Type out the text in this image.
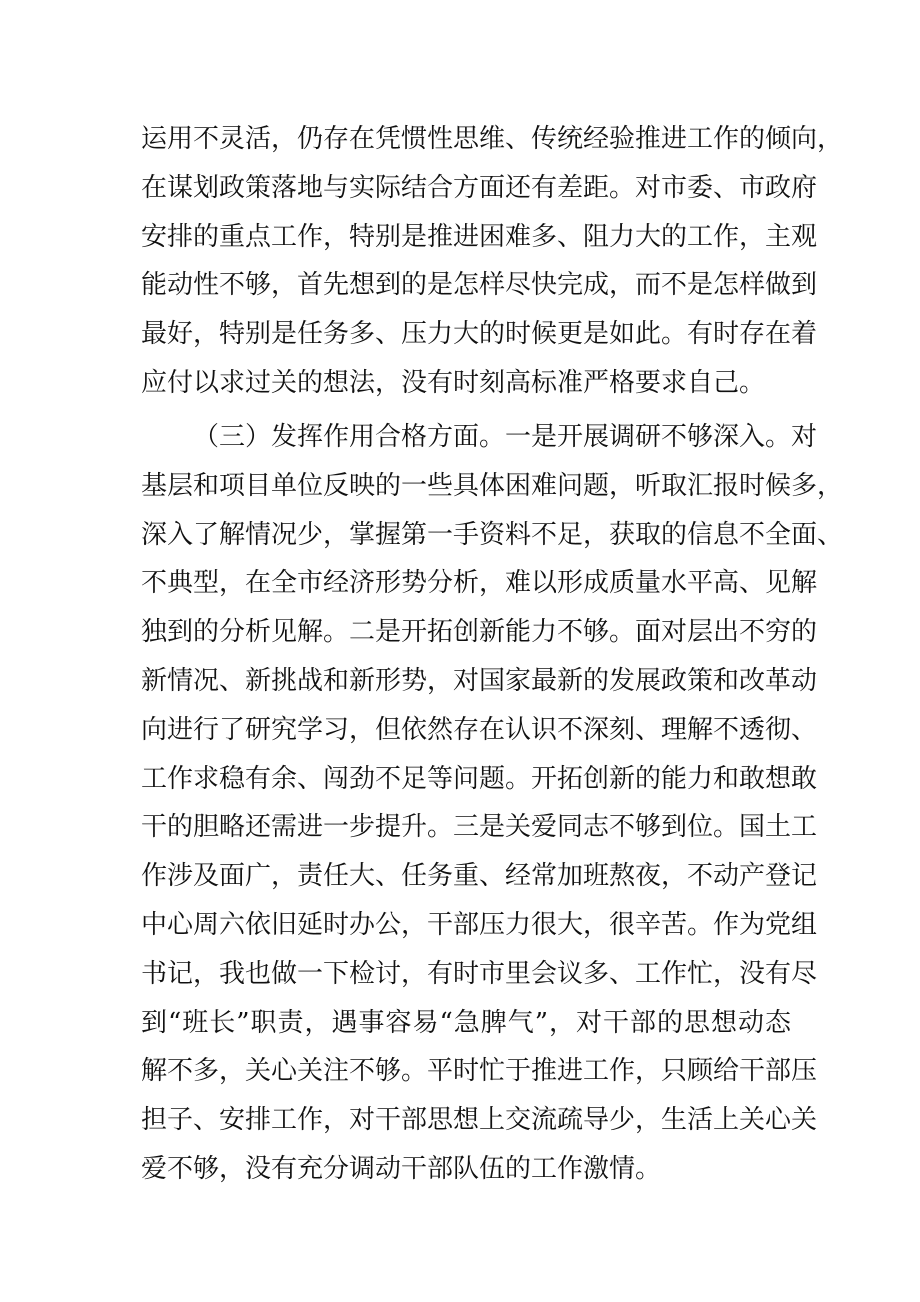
运用不灵活，仍存在凭惯性思维、传统经验推进工作的倾向，
在谋划政策落地与实际结合方面还有差距。对市委、市政府
安排的重点工作，特别是推进困难多、阻力大的工作，主观
能动性不够，首先想到的是怎样尽快完成，而不是怎样做到
最好，特别是任务多、压力大的时候更是如此。有时存在着
应付以求过关的想法，没有时刻高标准严格要求自己。
（三）发挥作用合格方面。一是开展调研不够深入。对
基层和项目单位反映的一些具体困难问题，听取汇报时候多，
深入了解情况少，掌握第一手资料不足，获取的信息不全面、
不典型，在全市经济形势分析，难以形成质量水平高、见解
独到的分析见解。二是开拓创新能力不够。面对层出不穷的
新情况、新挑战和新形势，对国家最新的发展政策和改革动
向进行了研究学习，但依然存在认识不深刻、理解不透彻、
工作求稳有余、闯劲不足等问题。开拓创新的能力和敢想敢
干的胆略还需进一步提升。三是关爱同志不够到位。国土工
作涉及面广，责任大、任务重、经常加班熬夜，不动产登记
中心周六依旧延时办公，干部压力很大，很辛苦。作为党组
书记，我也做一下检讨，有时市里会议多、工作忙，没有尽
到“班长”职责，遇事容易“急脾气”，对干部的思想动态
解不多，关心关注不够。平时忙于推进工作，只顾给干部压
担子、安排工作，对干部思想上交流疏导少，生活上关心关
爱不够，没有充分调动干部队伍的工作激情。
